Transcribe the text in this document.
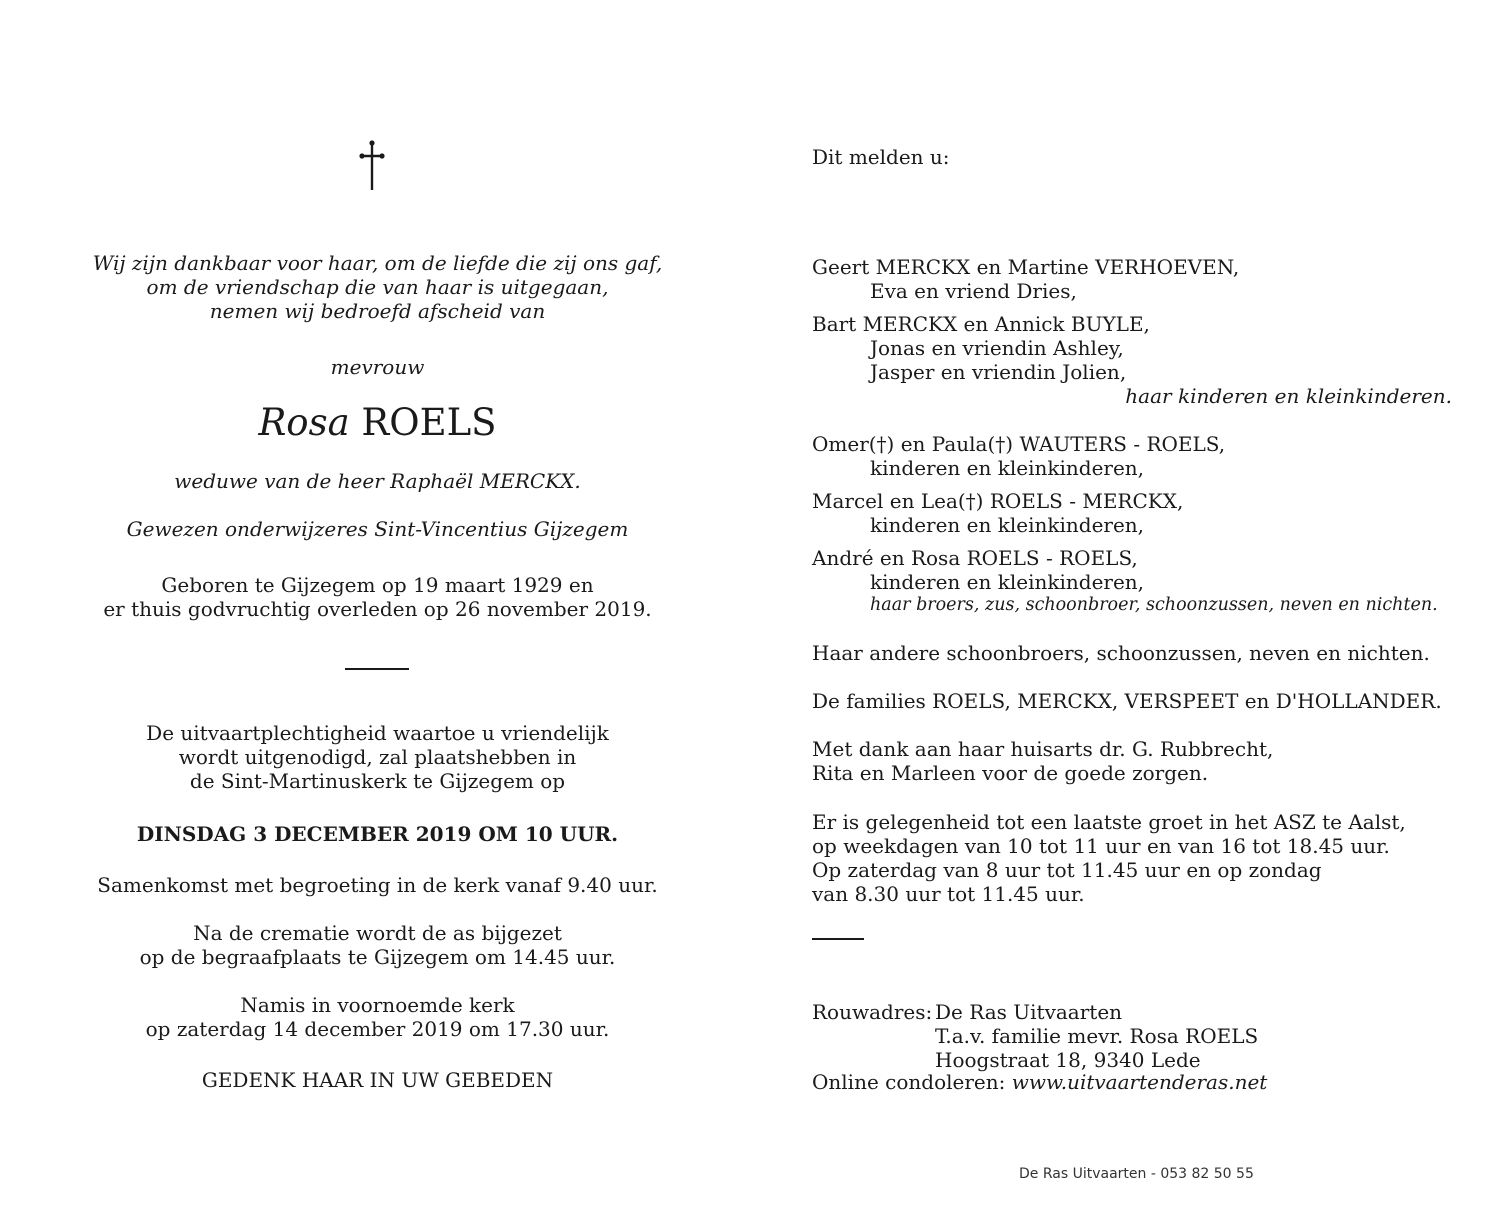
Wij zijn dankbaar voor haar, om de liefde die zij ons gaf,
om de vriendschap die van haar is uitgegaan,
nemen wij bedroefd afscheid van
mevrouw
Rosa ROELS
weduwe van de heer Raphaël MERCKX.
Gewezen onderwijzeres Sint-Vincentius Gijzegem
Geboren te Gijzegem op 19 maart 1929 en
er thuis godvruchtig overleden op 26 november 2019.
De uitvaartplechtigheid waartoe u vriendelijk
wordt uitgenodigd, zal plaatshebben in
de Sint-Martinuskerk te Gijzegem op
DINSDAG 3 DECEMBER 2019 OM 10 UUR.
Samenkomst met begroeting in de kerk vanaf 9.40 uur.
Na de crematie wordt de as bijgezet
op de begraafplaats te Gijzegem om 14.45 uur.
Namis in voornoemde kerk
op zaterdag 14 december 2019 om 17.30 uur.
GEDENK HAAR IN UW GEBEDEN
Dit melden u:
Geert MERCKX en Martine VERHOEVEN,
Eva en vriend Dries,
Bart MERCKX en Annick BUYLE,
Jonas en vriendin Ashley,
Jasper en vriendin Jolien,
haar kinderen en kleinkinderen.
Omer(†) en Paula(†) WAUTERS - ROELS,
kinderen en kleinkinderen,
Marcel en Lea(†) ROELS - MERCKX,
kinderen en kleinkinderen,
André en Rosa ROELS - ROELS,
kinderen en kleinkinderen,
haar broers, zus, schoonbroer, schoonzussen, neven en nichten.
Haar andere schoonbroers, schoonzussen, neven en nichten.
De families ROELS, MERCKX, VERSPEET en D'HOLLANDER.
Met dank aan haar huisarts dr. G. Rubbrecht,
Rita en Marleen voor de goede zorgen.
Er is gelegenheid tot een laatste groet in het ASZ te Aalst,
op weekdagen van 10 tot 11 uur en van 16 tot 18.45 uur.
Op zaterdag van 8 uur tot 11.45 uur en op zondag
van 8.30 uur tot 11.45 uur.
Rouwadres: De Ras Uitvaarten
T.a.v. familie mevr. Rosa ROELS
Hoogstraat 18, 9340 Lede
Online condoleren: www.uitvaartenderas.net
De Ras Uitvaarten - 053 82 50 55
